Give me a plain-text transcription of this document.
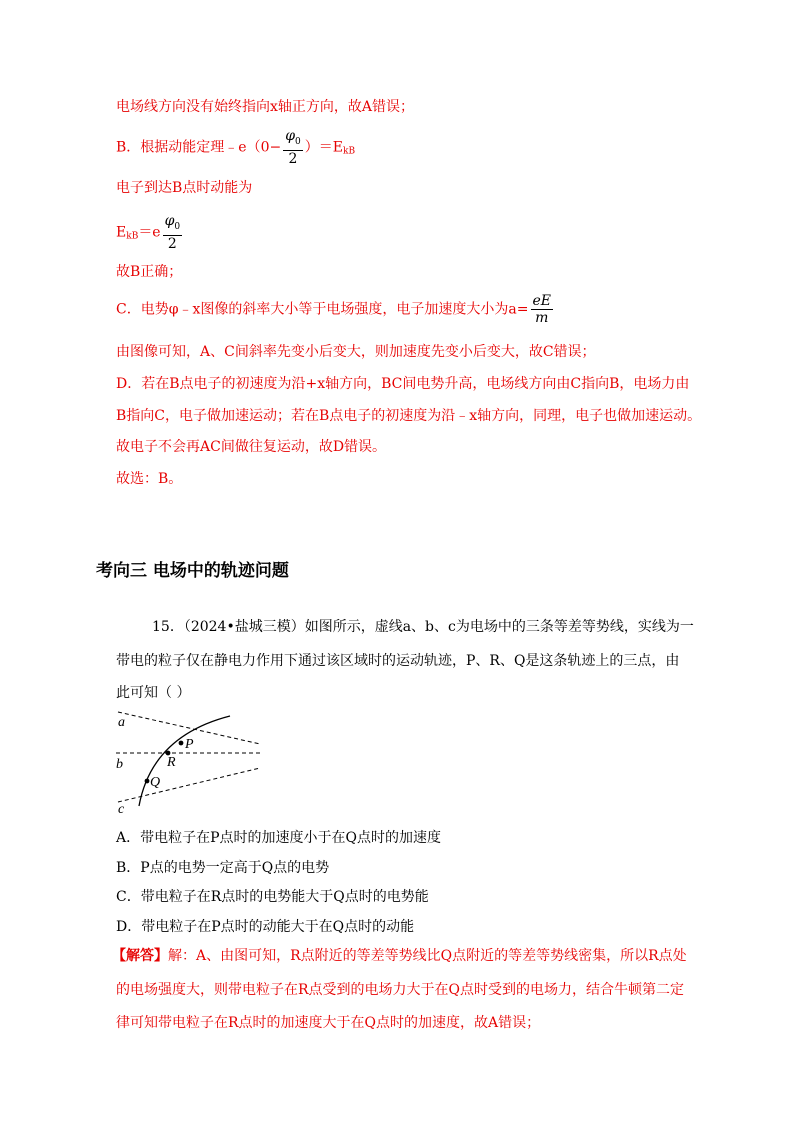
电场线方向没有始终指向x轴正方向，故A错误；
B．根据动能定理﹣e（0− $\frac{\varphi_0}{2} )=EkB$
电子到达B点时动能为
$EkB=e \frac{\varphi_0}{2}$
故B正确；
C．电势φ﹣x图像的斜率大小等于电场强度，电子加速度大小为$a= \frac{eE}{m}$
由图像可知，A、C间斜率先变小后变大，则加速度先变小后变大，故C错误；
D．若在B点电子的初速度为沿+x轴方向，BC间电势升高，电场线方向由C指向B，电场力由
B指向C，电子做加速运动；若在B点电子的初速度为沿﹣x轴方向，同理，电子也做加速运动。
故电子不会再AC间做往复运动，故D错误。
故选：B。
考向三 电场中的轨迹问题
15．（2024•盐城三模）如图所示，虚线a、b、c为电场中的三条等差等势线，实线为一
带电的粒子仅在静电力作用下通过该区域时的运动轨迹，P、R、Q是这条轨迹上的三点，由
此可知（ ）
a
b
c
P
R
Q
A．带电粒子在P点时的加速度小于在Q点时的加速度
B．P点的电势一定高于Q点的电势
C．带电粒子在R点时的电势能大于Q点时的电势能
D．带电粒子在P点时的动能大于在Q点时的动能
【解答】解：A、由图可知，R点附近的等差等势线比Q点附近的等差等势线密集，所以R点处
的电场强度大，则带电粒子在R点受到的电场力大于在Q点时受到的电场力，结合牛顿第二定
律可知带电粒子在R点时的加速度大于在Q点时的加速度，故A错误；
